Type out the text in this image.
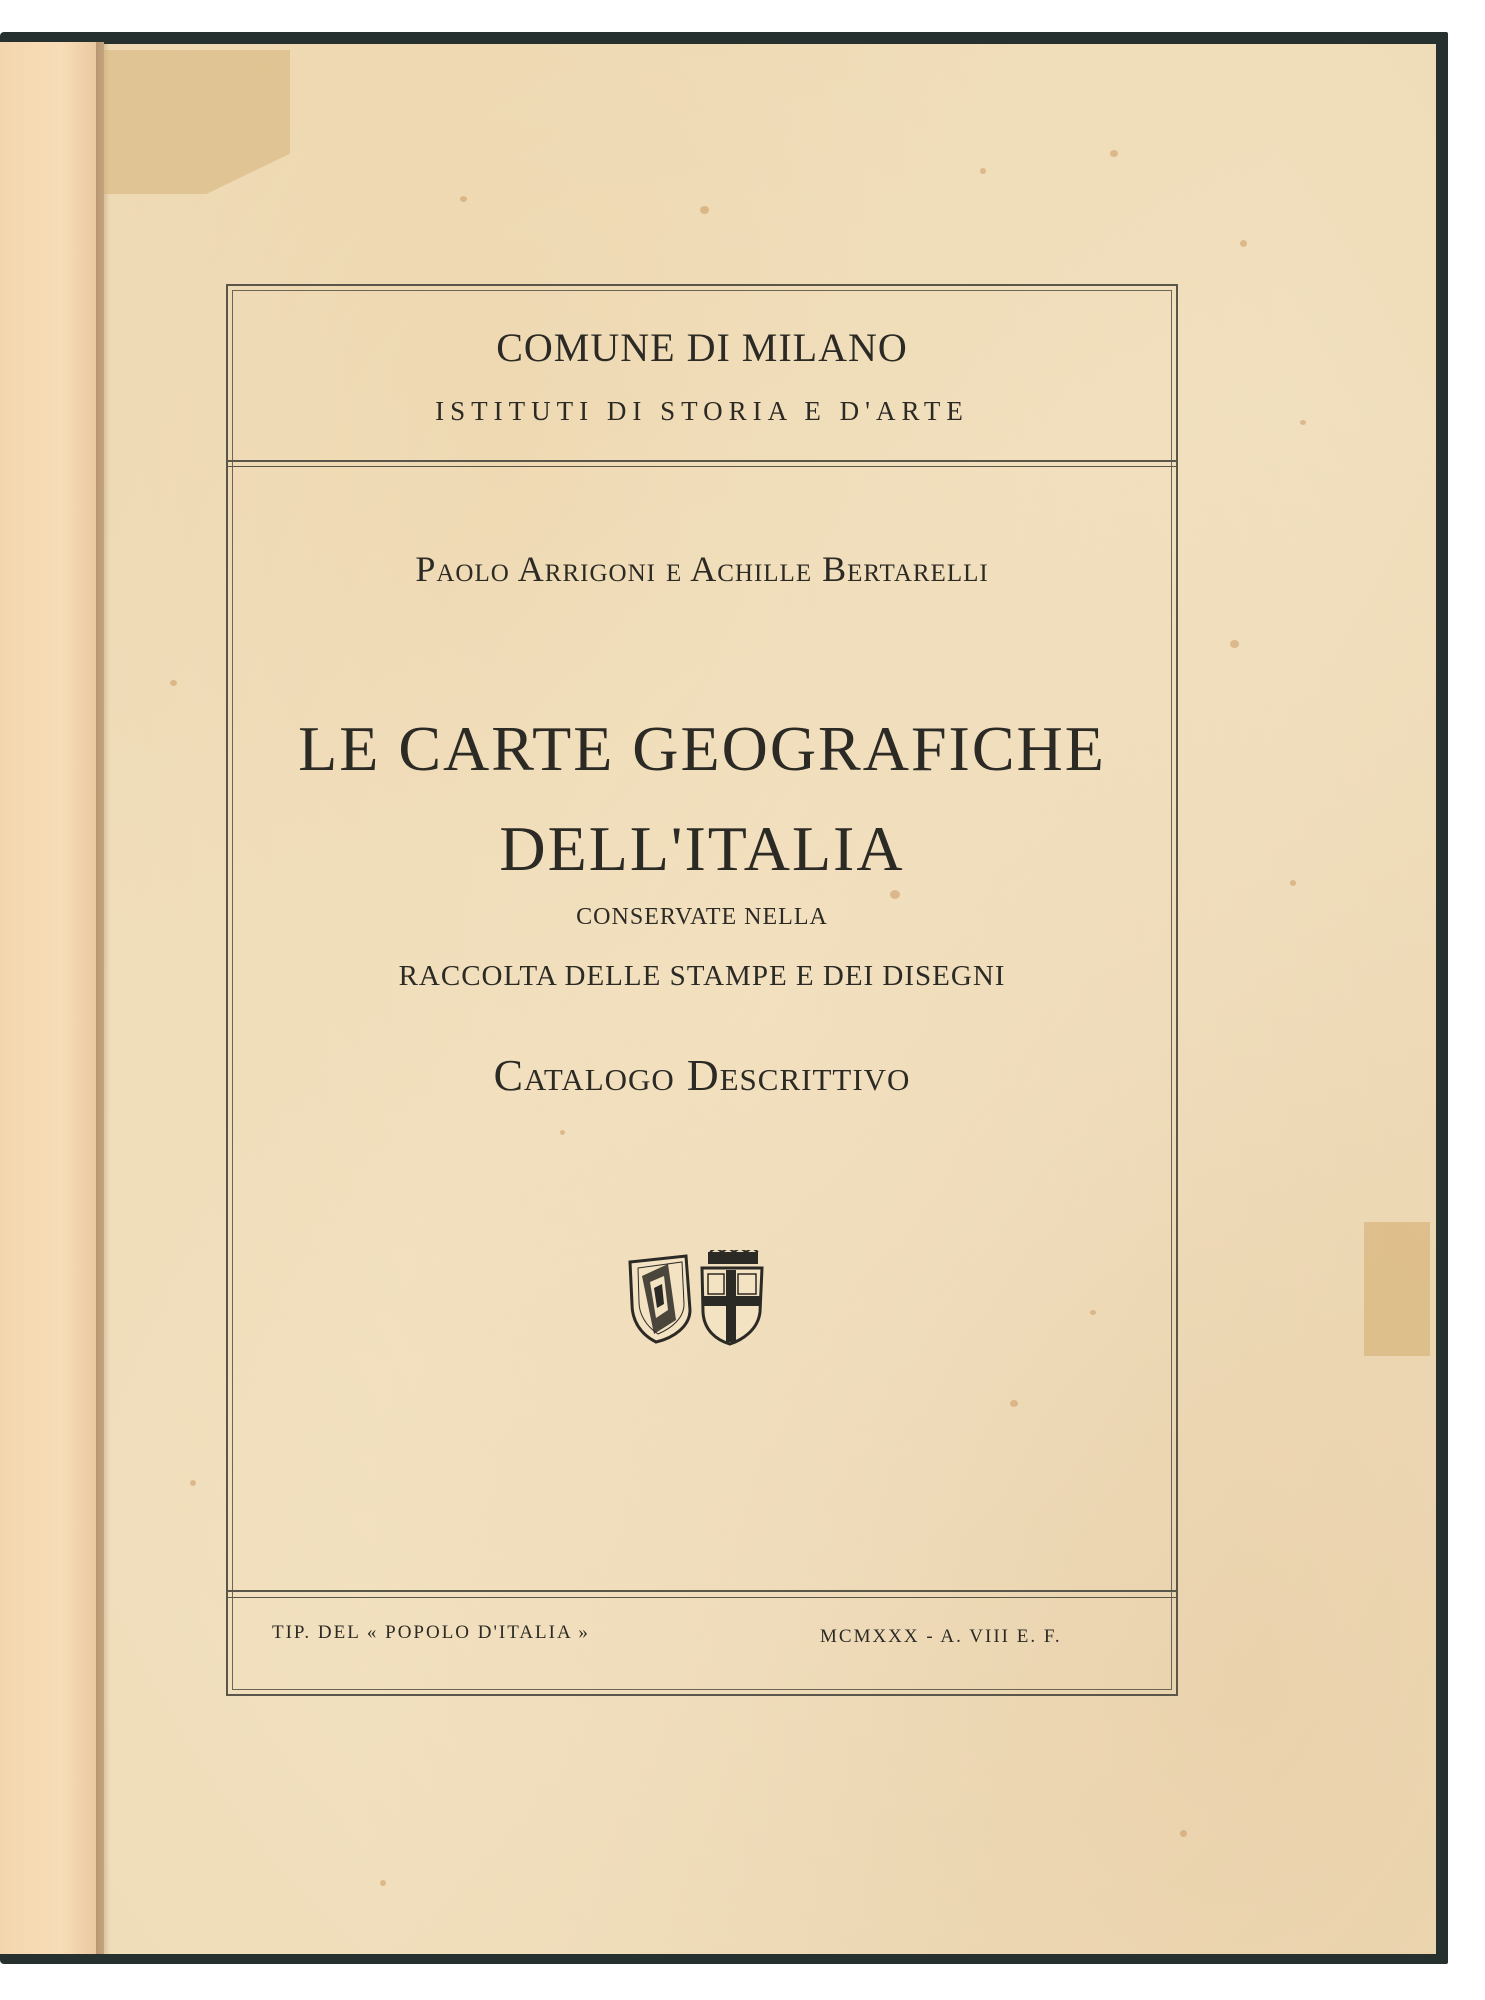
COMUNE DI MILANO

ISTITUTI DI STORIA E D'ARTE

Paolo Arrigoni e Achille Bertarelli

LE CARTE GEOGRAFICHE

DELL'ITALIA

CONSERVATE NELLA

RACCOLTA DELLE STAMPE E DEI DISEGNI

Catalogo Descrittivo

TIP. DEL « POPOLO D'ITALIA »	MCMXXX - A. VIII E. F.
